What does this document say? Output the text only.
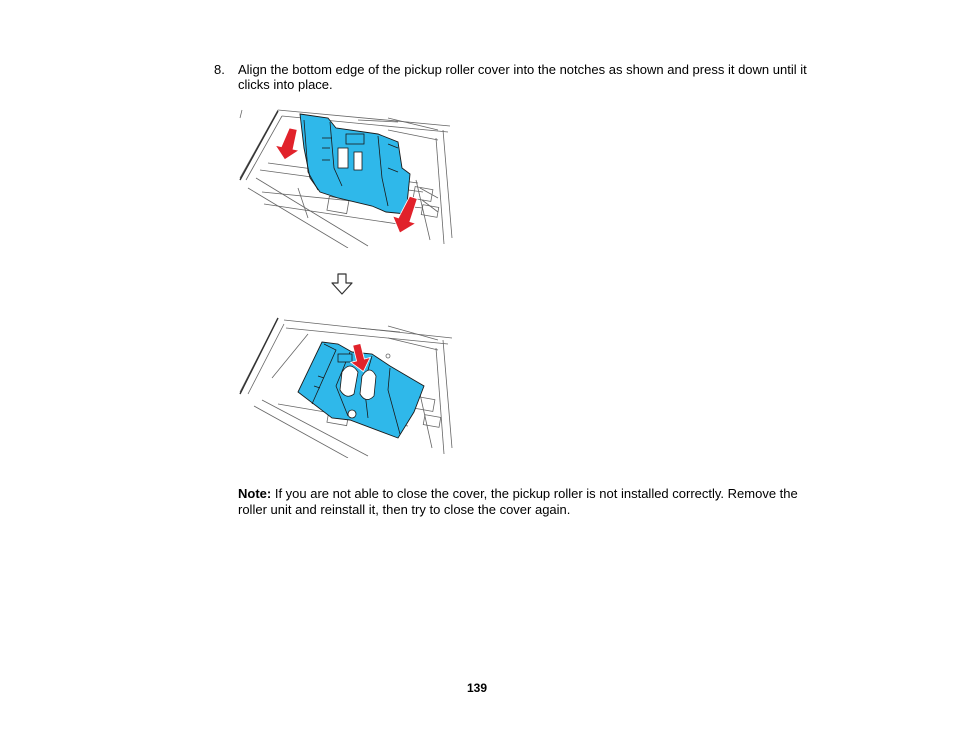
8.	Align the bottom edge of the pickup roller cover into the notches as shown and press it down until it clicks into place.
Note: If you are not able to close the cover, the pickup roller is not installed correctly. Remove the roller unit and reinstall it, then try to close the cover again.
139
